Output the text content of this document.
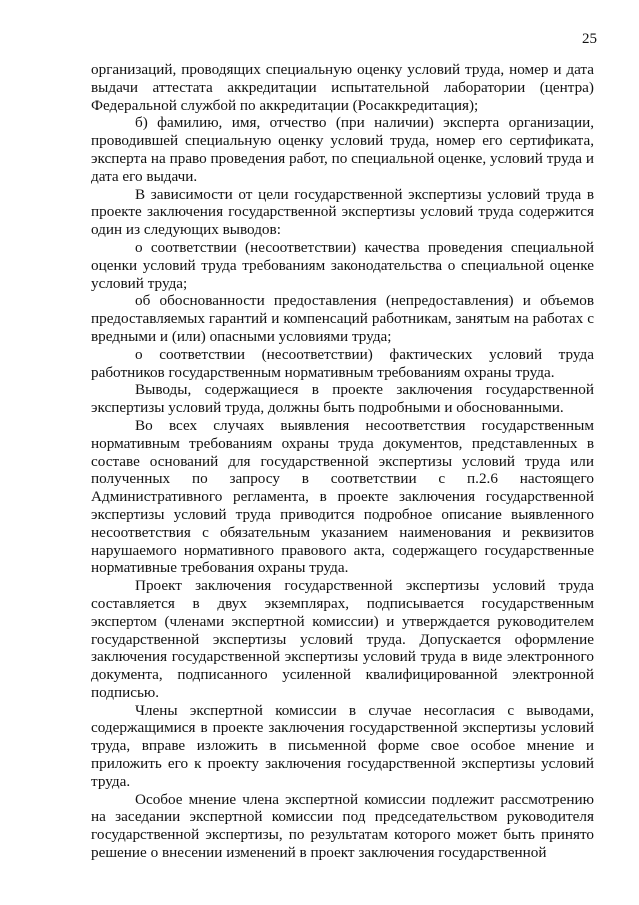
25

организаций, проводящих специальную оценку условий труда, номер и дата выдачи аттестата аккредитации испытательной лаборатории (центра) Федеральной службой по аккредитации (Росаккредитация);

б) фамилию, имя, отчество (при наличии) эксперта организации, проводившей специальную оценку условий труда, номер его сертификата, эксперта на право проведения работ, по специальной оценке, условий труда и дата его выдачи.

В зависимости от цели государственной экспертизы условий труда в проекте заключения государственной экспертизы условий труда содержится один из следующих выводов:

о соответствии (несоответствии) качества проведения специальной оценки условий труда требованиям законодательства о специальной оценке условий труда;

об обоснованности предоставления (непредоставления) и объемов предоставляемых гарантий и компенсаций работникам, занятым на работах с вредными и (или) опасными условиями труда;

о соответствии (несоответствии) фактических условий труда работников государственным нормативным требованиям охраны труда.

Выводы, содержащиеся в проекте заключения государственной экспертизы условий труда, должны быть подробными и обоснованными.

Во всех случаях выявления несоответствия государственным нормативным требованиям охраны труда документов, представленных в составе оснований для государственной экспертизы условий труда или полученных по запросу в соответствии с п.2.6 настоящего Административного регламента, в проекте заключения государственной экспертизы условий труда приводится подробное описание выявленного несоответствия с обязательным указанием наименования и реквизитов нарушаемого нормативного правового акта, содержащего государственные нормативные требования охраны труда.

Проект заключения государственной экспертизы условий труда составляется в двух экземплярах, подписывается государственным экспертом (членами экспертной комиссии) и утверждается руководителем государственной экспертизы условий труда. Допускается оформление заключения государственной экспертизы условий труда в виде электронного документа, подписанного усиленной квалифицированной электронной подписью.

Члены экспертной комиссии в случае несогласия с выводами, содержащимися в проекте заключения государственной экспертизы условий труда, вправе изложить в письменной форме свое особое мнение и приложить его к проекту заключения государственной экспертизы условий труда.

Особое мнение члена экспертной комиссии подлежит рассмотрению на заседании экспертной комиссии под председательством руководителя государственной экспертизы, по результатам которого может быть принято решение о внесении изменений в проект заключения государственной
